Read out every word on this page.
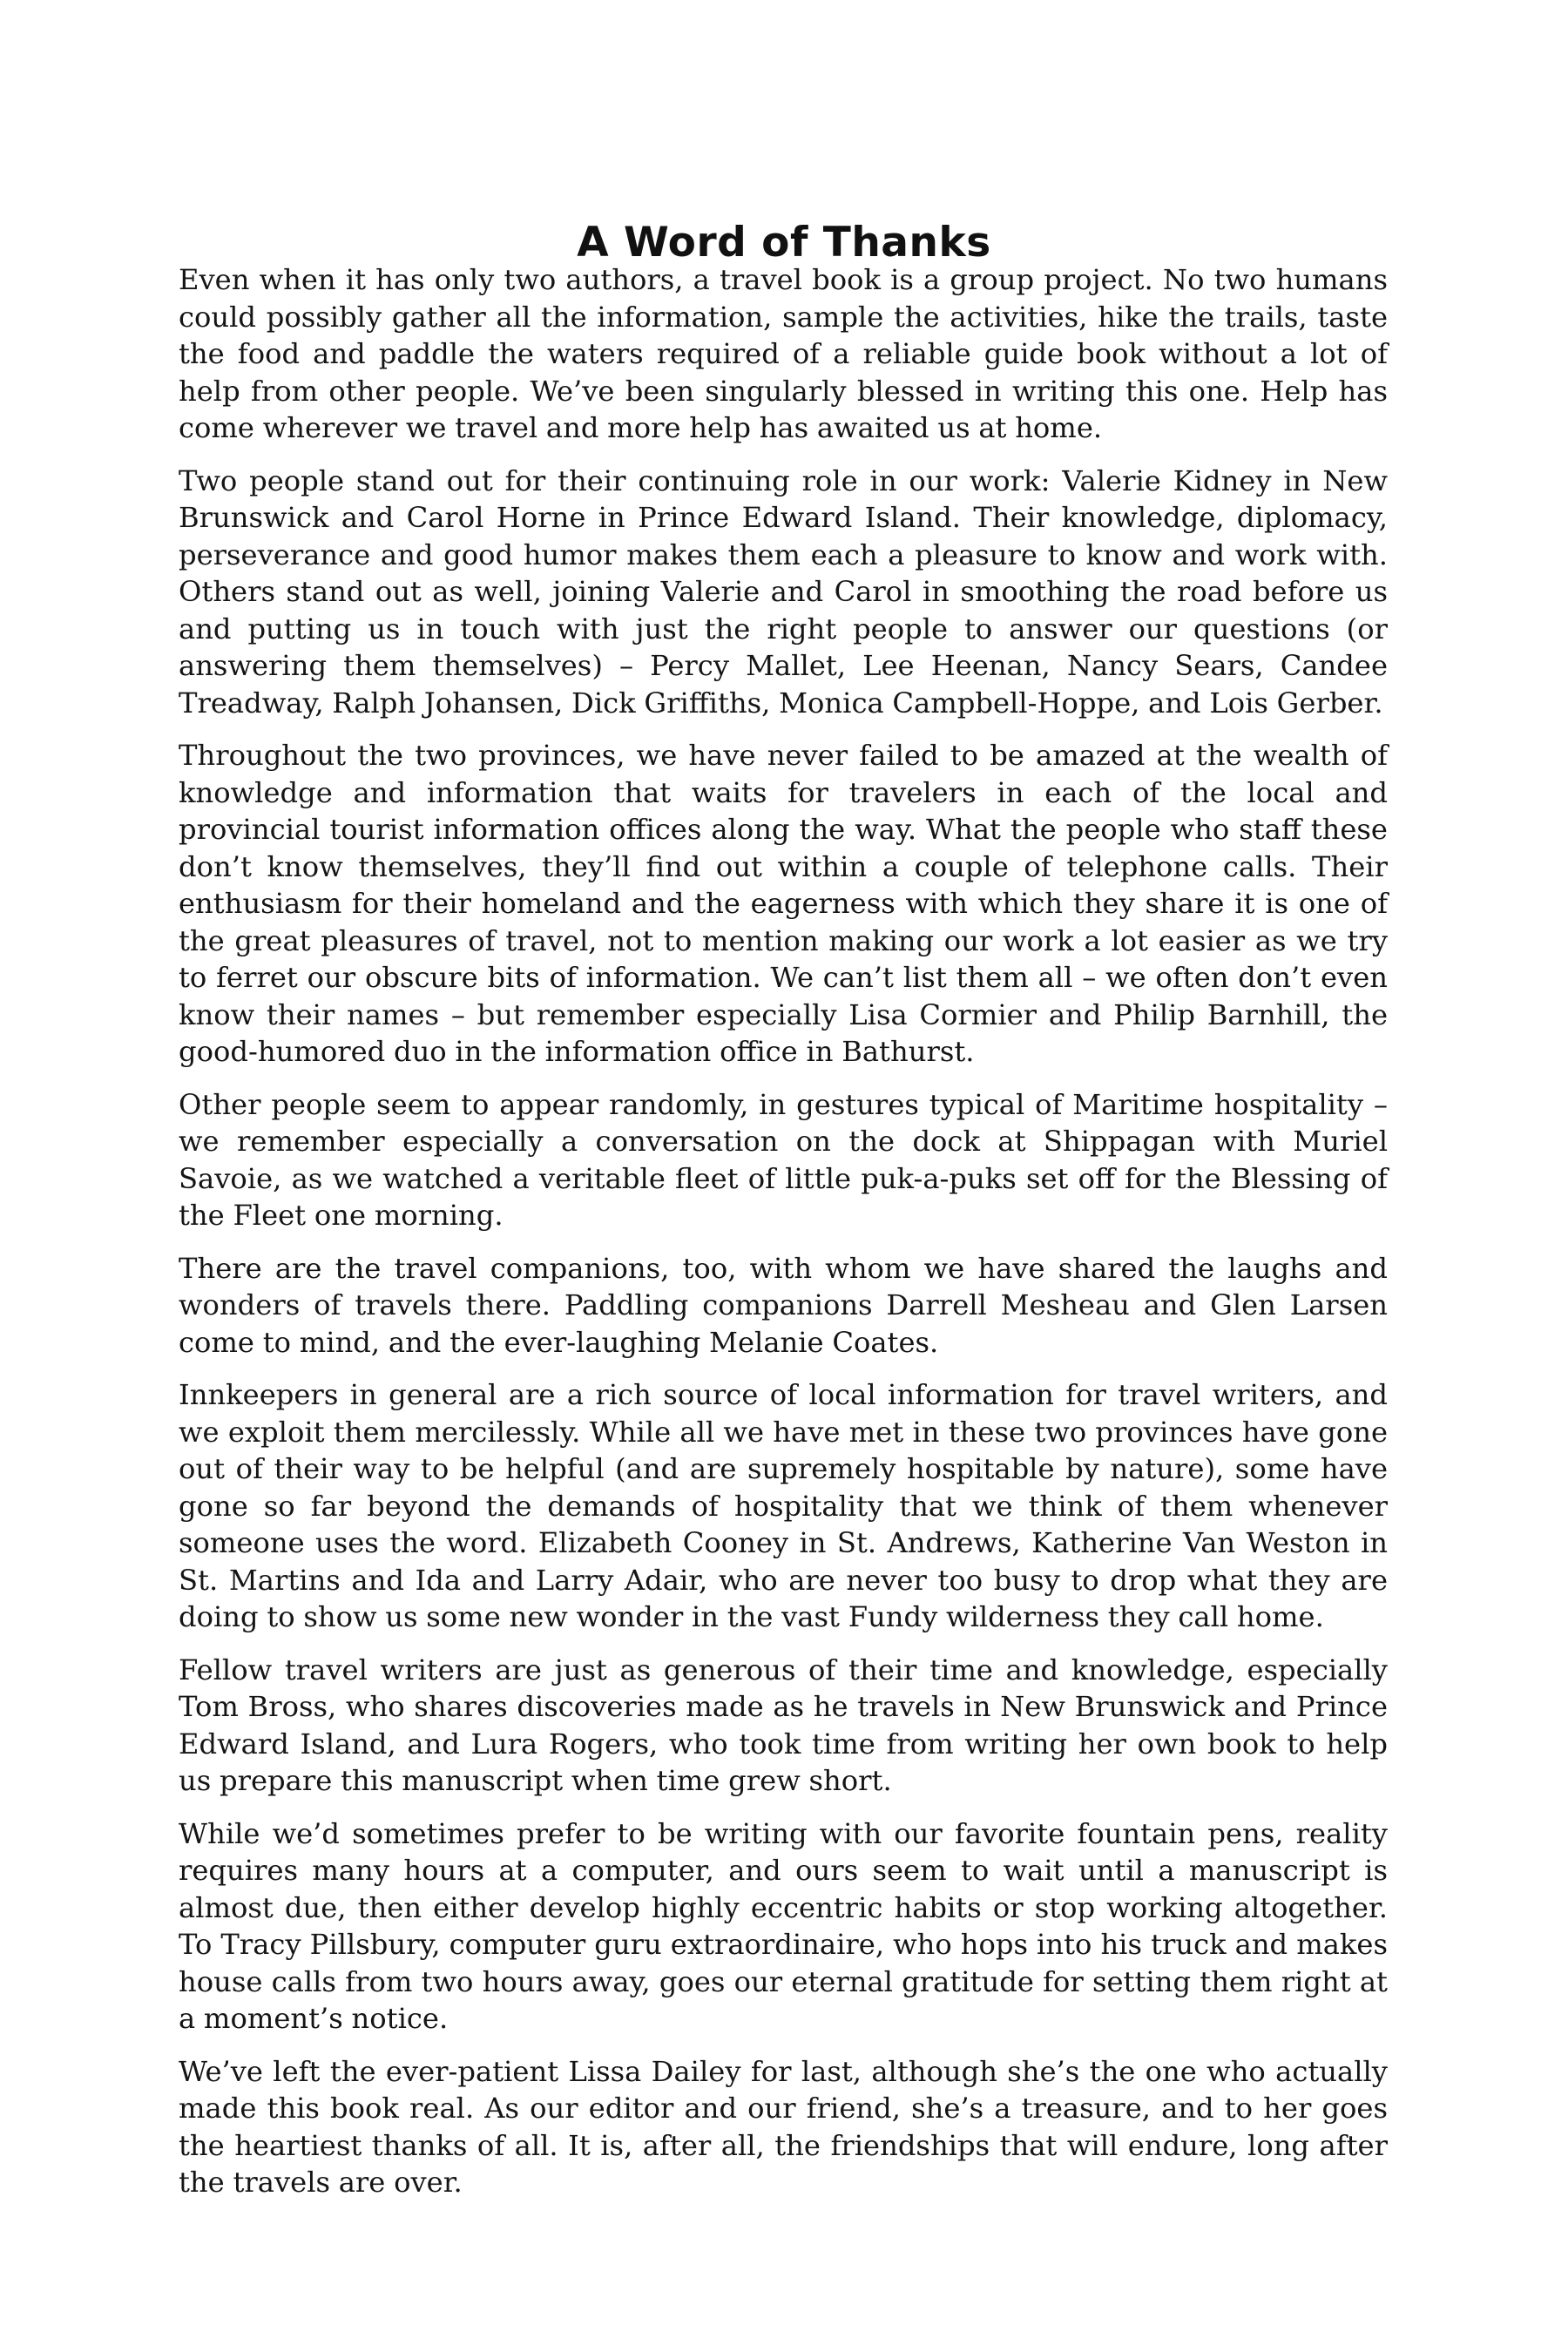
A Word of Thanks

Even when it has only two authors, a travel book is a group project. No two humans could possibly gather all the information, sample the activities, hike the trails, taste the food and paddle the waters required of a reliable guide book without a lot of help from other people. We’ve been singularly blessed in writing this one. Help has come wherever we travel and more help has awaited us at home.

Two people stand out for their continuing role in our work: Valerie Kidney in New Brunswick and Carol Horne in Prince Edward Island. Their knowledge, diplomacy, perseverance and good humor makes them each a pleasure to know and work with. Others stand out as well, joining Valerie and Carol in smoothing the road before us and putting us in touch with just the right people to answer our questions (or answering them themselves) – Percy Mallet, Lee Heenan, Nancy Sears, Candee Treadway, Ralph Johansen, Dick Griffiths, Monica Campbell-Hoppe, and Lois Gerber.

Throughout the two provinces, we have never failed to be amazed at the wealth of knowledge and information that waits for travelers in each of the local and provincial tourist information offices along the way. What the people who staff these don’t know themselves, they’ll find out within a couple of telephone calls. Their enthusiasm for their homeland and the eagerness with which they share it is one of the great pleasures of travel, not to mention making our work a lot easier as we try to ferret our obscure bits of information. We can’t list them all – we often don’t even know their names – but remember especially Lisa Cormier and Philip Barnhill, the good-humored duo in the information office in Bathurst.

Other people seem to appear randomly, in gestures typical of Maritime hospitality – we remember especially a conversation on the dock at Shippagan with Muriel Savoie, as we watched a veritable fleet of little puk-a-puks set off for the Blessing of the Fleet one morning.

There are the travel companions, too, with whom we have shared the laughs and wonders of travels there. Paddling companions Darrell Mesheau and Glen Larsen come to mind, and the ever-laughing Melanie Coates.

Innkeepers in general are a rich source of local information for travel writers, and we exploit them mercilessly. While all we have met in these two provinces have gone out of their way to be helpful (and are supremely hospitable by nature), some have gone so far beyond the demands of hospitality that we think of them whenever someone uses the word. Elizabeth Cooney in St. Andrews, Katherine Van Weston in St. Martins and Ida and Larry Adair, who are never too busy to drop what they are doing to show us some new wonder in the vast Fundy wilderness they call home.

Fellow travel writers are just as generous of their time and knowledge, especially Tom Bross, who shares discoveries made as he travels in New Brunswick and Prince Edward Island, and Lura Rogers, who took time from writing her own book to help us prepare this manuscript when time grew short.

While we’d sometimes prefer to be writing with our favorite fountain pens, reality requires many hours at a computer, and ours seem to wait until a manuscript is almost due, then either develop highly eccentric habits or stop working altogether. To Tracy Pillsbury, computer guru extraordinaire, who hops into his truck and makes house calls from two hours away, goes our eternal gratitude for setting them right at a moment’s notice.

We’ve left the ever-patient Lissa Dailey for last, although she’s the one who actually made this book real. As our editor and our friend, she’s a treasure, and to her goes the heartiest thanks of all. It is, after all, the friendships that will endure, long after the travels are over.
